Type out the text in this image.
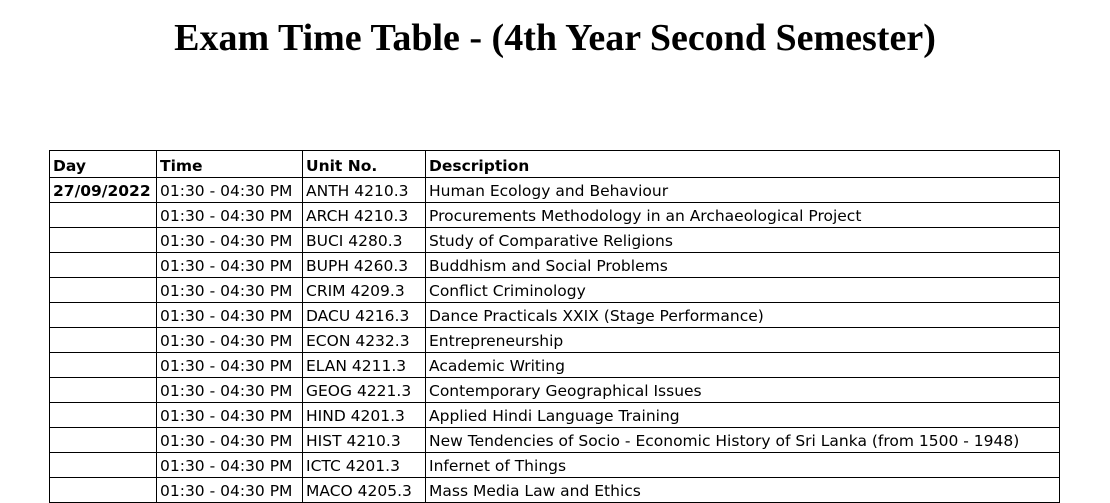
Exam Time Table - (4th Year Second Semester)
Day	Time	Unit No.	Description
27/09/2022	01:30 - 04:30 PM	ANTH 4210.3	Human Ecology and Behaviour
	01:30 - 04:30 PM	ARCH 4210.3	Procurements Methodology in an Archaeological Project
	01:30 - 04:30 PM	BUCI 4280.3	Study of Comparative Religions
	01:30 - 04:30 PM	BUPH 4260.3	Buddhism and Social Problems
	01:30 - 04:30 PM	CRIM 4209.3	Conflict Criminology
	01:30 - 04:30 PM	DACU 4216.3	Dance Practicals XXIX (Stage Performance)
	01:30 - 04:30 PM	ECON 4232.3	Entrepreneurship
	01:30 - 04:30 PM	ELAN 4211.3	Academic Writing
	01:30 - 04:30 PM	GEOG 4221.3	Contemporary Geographical Issues
	01:30 - 04:30 PM	HIND 4201.3	Applied Hindi Language Training
	01:30 - 04:30 PM	HIST 4210.3	New Tendencies of Socio - Economic History of Sri Lanka (from 1500 - 1948)
	01:30 - 04:30 PM	ICTC 4201.3	Infernet of Things
	01:30 - 04:30 PM	MACO 4205.3	Mass Media Law and Ethics
